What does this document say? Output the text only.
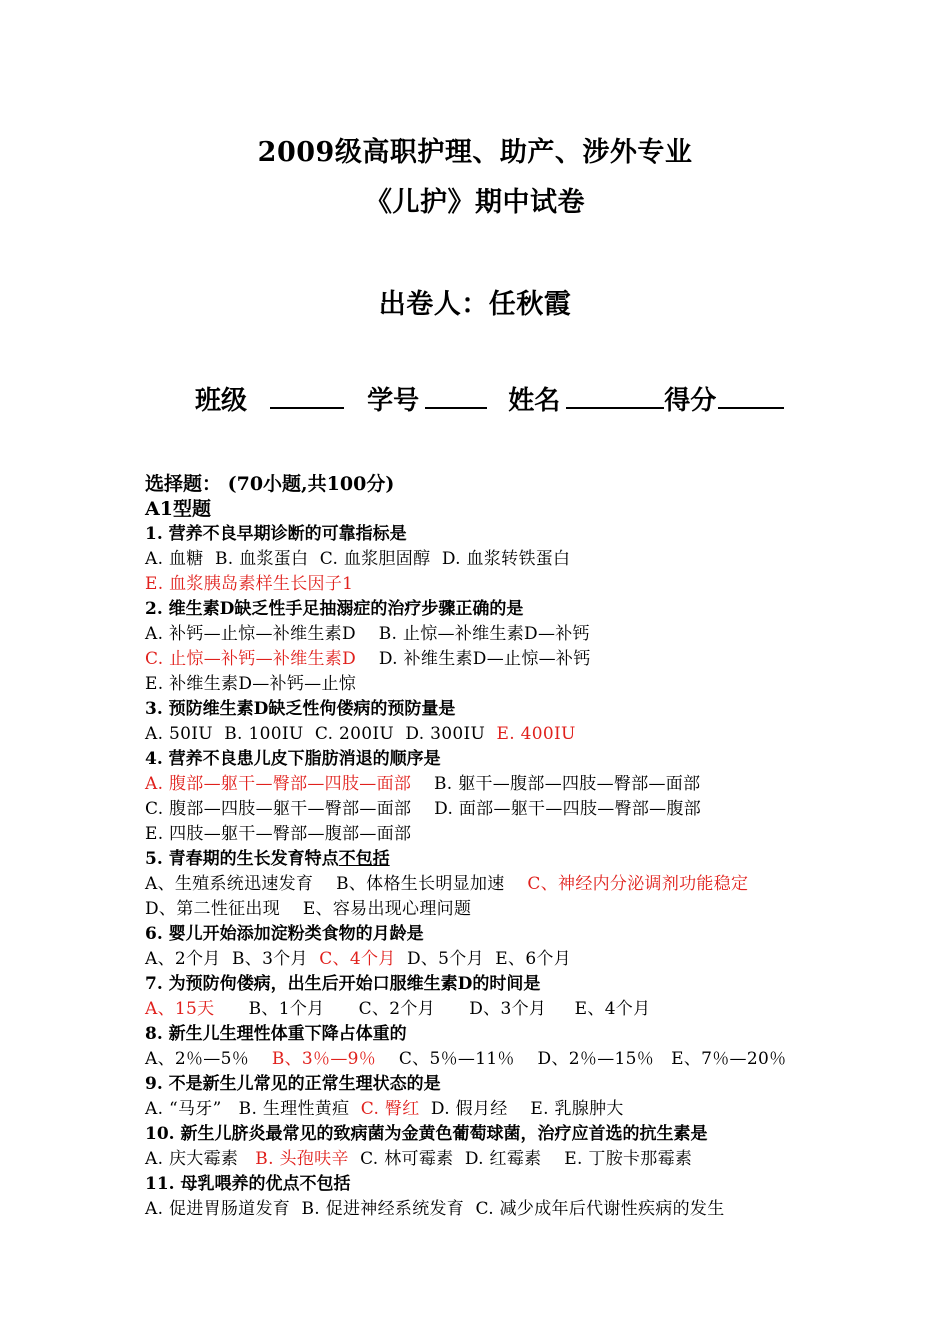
2009级高职护理、助产、涉外专业
《儿护》期中试卷
出卷人：任秋霞
班级	学号	姓名	得分
选择题： (70小题,共100分)
A1型题
1. 营养不良早期诊断的可靠指标是
A. 血糖  B. 血浆蛋白  C. 血浆胆固醇  D. 血浆转铁蛋白
E. 血浆胰岛素样生长因子1
2. 维生素D缺乏性手足抽溺症的治疗步骤正确的是
A. 补钙—止惊—补维生素D    B. 止惊—补维生素D—补钙
C. 止惊—补钙—补维生素D    D. 补维生素D—止惊—补钙
E. 补维生素D—补钙—止惊
3. 预防维生素D缺乏性佝偻病的预防量是
A. 50IU  B. 100IU  C. 200IU  D. 300IU  E. 400IU
4. 营养不良患儿皮下脂肪消退的顺序是
A. 腹部—躯干—臀部—四肢—面部    B. 躯干—腹部—四肢—臀部—面部
C. 腹部—四肢—躯干—臀部—面部    D. 面部—躯干—四肢—臀部—腹部
E. 四肢—躯干—臀部—腹部—面部
5. 青春期的生长发育特点不包括
A、生殖系统迅速发育    B、体格生长明显加速    C、神经内分泌调剂功能稳定
D、第二性征出现    E、容易出现心理问题
6. 婴儿开始添加淀粉类食物的月龄是
A、2个月  B、3个月  C、4个月  D、5个月  E、6个月
7. 为预防佝偻病，出生后开始口服维生素D的时间是
A、15天      B、1个月      C、2个月      D、3个月     E、4个月
8. 新生儿生理性体重下降占体重的
A、2％—5％    B、3％—9％    C、5％—11％    D、2％—15％   E、7％—20％
9. 不是新生儿常见的正常生理状态的是
A. “马牙”   B. 生理性黄疸  C. 臀红  D. 假月经    E. 乳腺肿大
10. 新生儿脐炎最常见的致病菌为金黄色葡萄球菌，治疗应首选的抗生素是
A. 庆大霉素   B. 头孢呋辛  C. 林可霉素  D. 红霉素    E. 丁胺卡那霉素
11. 母乳喂养的优点不包括
A. 促进胃肠道发育  B. 促进神经系统发育  C. 减少成年后代谢性疾病的发生
